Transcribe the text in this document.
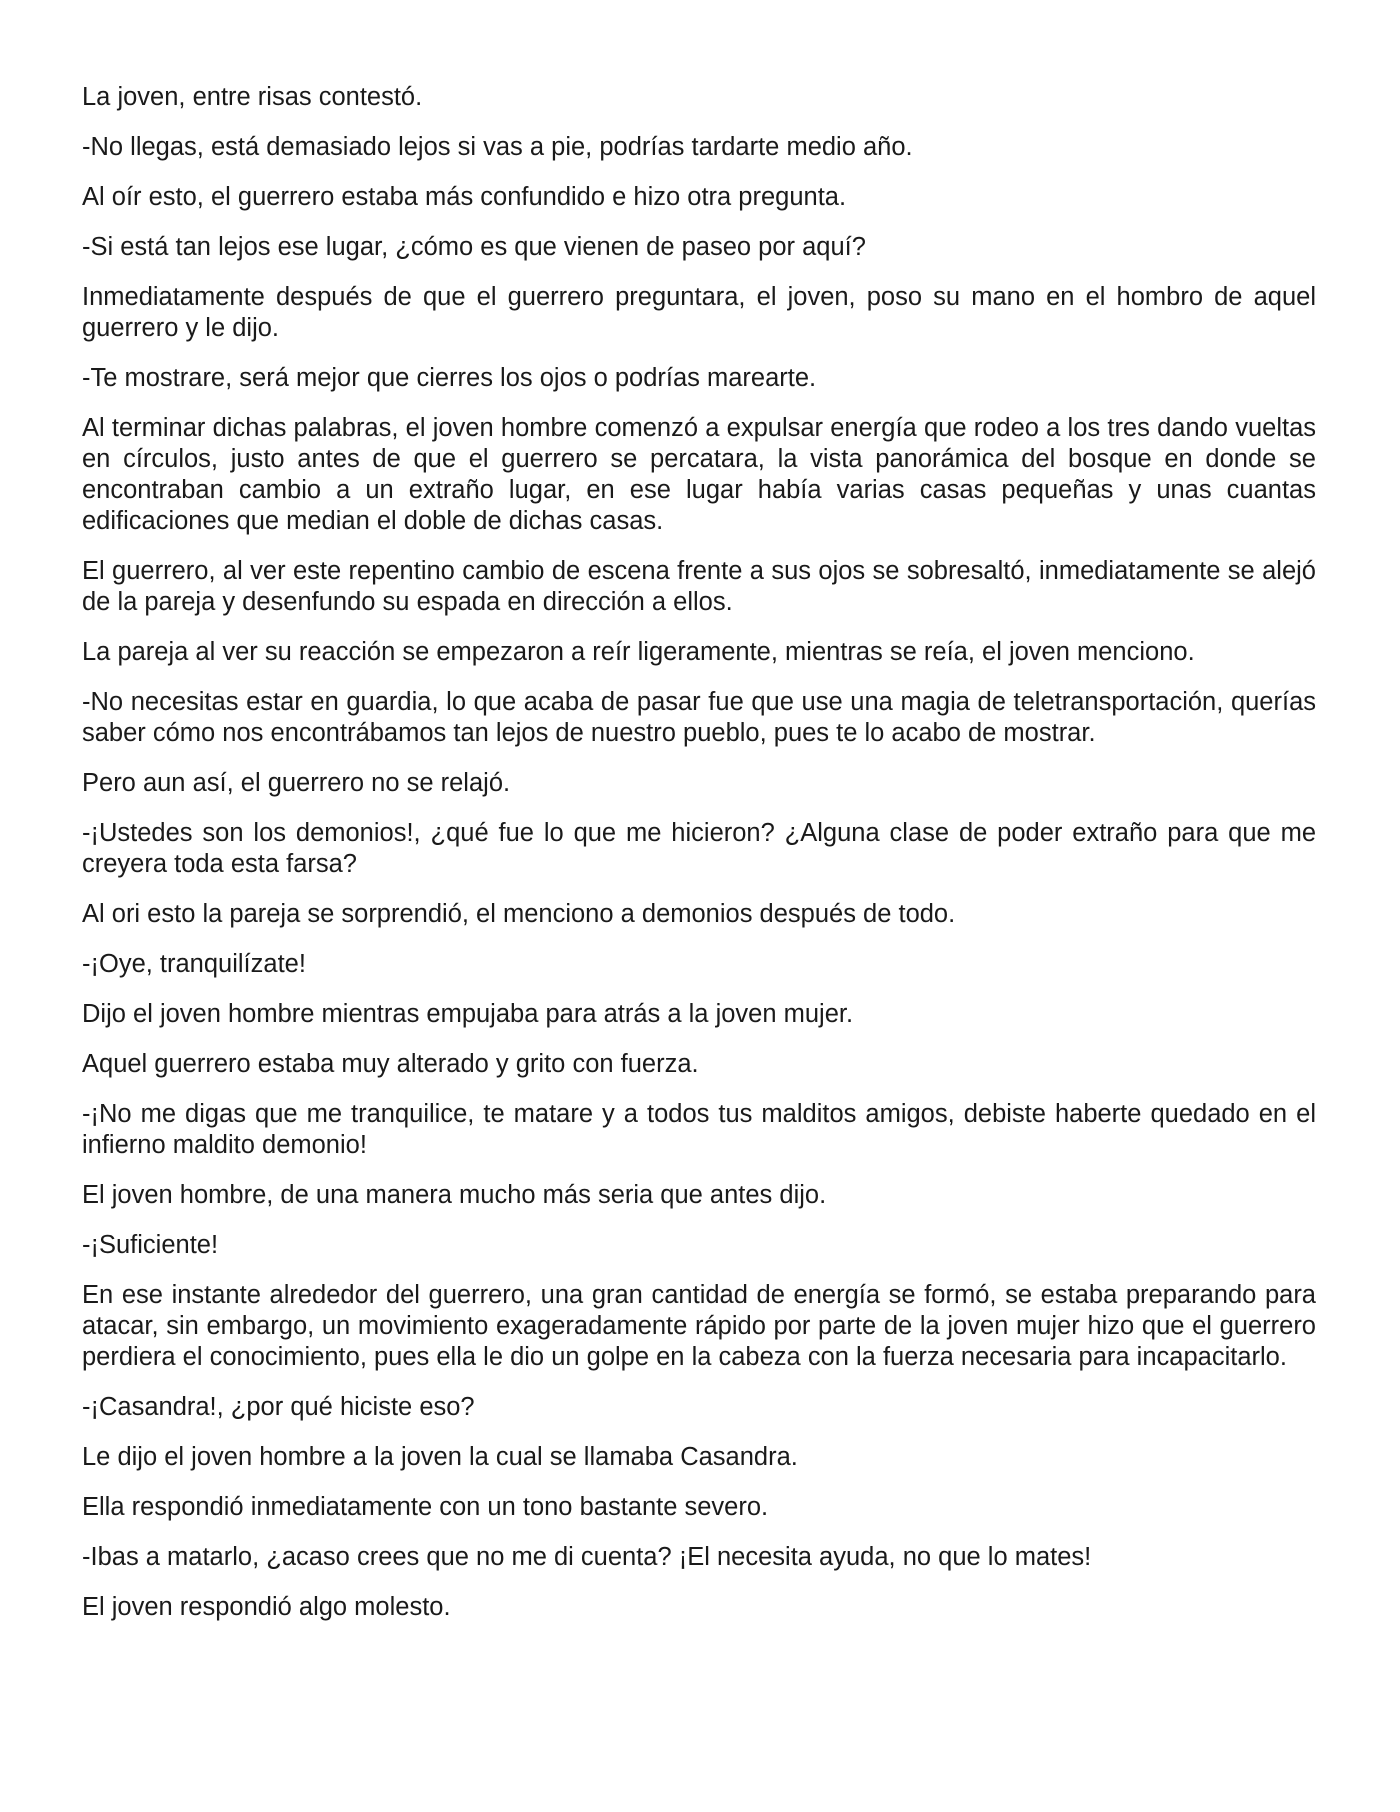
La joven, entre risas contestó.

-No llegas, está demasiado lejos si vas a pie, podrías tardarte medio año.

Al oír esto, el guerrero estaba más confundido e hizo otra pregunta.

-Si está tan lejos ese lugar, ¿cómo es que vienen de paseo por aquí?

Inmediatamente después de que el guerrero preguntara, el joven, poso su mano en el hombro de aquel guerrero y le dijo.

-Te mostrare, será mejor que cierres los ojos o podrías marearte.

Al terminar dichas palabras, el joven hombre comenzó a expulsar energía que rodeo a los tres dando vueltas en círculos, justo antes de que el guerrero se percatara, la vista panorámica del bosque en donde se encontraban cambio a un extraño lugar, en ese lugar había varias casas pequeñas y unas cuantas edificaciones que median el doble de dichas casas.

El guerrero, al ver este repentino cambio de escena frente a sus ojos se sobresaltó, inmediatamente se alejó de la pareja y desenfundo su espada en dirección a ellos.

La pareja al ver su reacción se empezaron a reír ligeramente, mientras se reía, el joven menciono.

-No necesitas estar en guardia, lo que acaba de pasar fue que use una magia de teletransportación, querías saber cómo nos encontrábamos tan lejos de nuestro pueblo, pues te lo acabo de mostrar.

Pero aun así, el guerrero no se relajó.

-¡Ustedes son los demonios!, ¿qué fue lo que me hicieron? ¿Alguna clase de poder extraño para que me creyera toda esta farsa?

Al ori esto la pareja se sorprendió, el menciono a demonios después de todo.

-¡Oye, tranquilízate!

Dijo el joven hombre mientras empujaba para atrás a la joven mujer.

Aquel guerrero estaba muy alterado y grito con fuerza.

-¡No me digas que me tranquilice, te matare y a todos tus malditos amigos, debiste haberte quedado en el infierno maldito demonio!

El joven hombre, de una manera mucho más seria que antes dijo.

-¡Suficiente!

En ese instante alrededor del guerrero, una gran cantidad de energía se formó, se estaba preparando para atacar, sin embargo, un movimiento exageradamente rápido por parte de la joven mujer hizo que el guerrero perdiera el conocimiento, pues ella le dio un golpe en la cabeza con la fuerza necesaria para incapacitarlo.

-¡Casandra!, ¿por qué hiciste eso?

Le dijo el joven hombre a la joven la cual se llamaba Casandra.

Ella respondió inmediatamente con un tono bastante severo.

-Ibas a matarlo, ¿acaso crees que no me di cuenta? ¡El necesita ayuda, no que lo mates!

El joven respondió algo molesto.
